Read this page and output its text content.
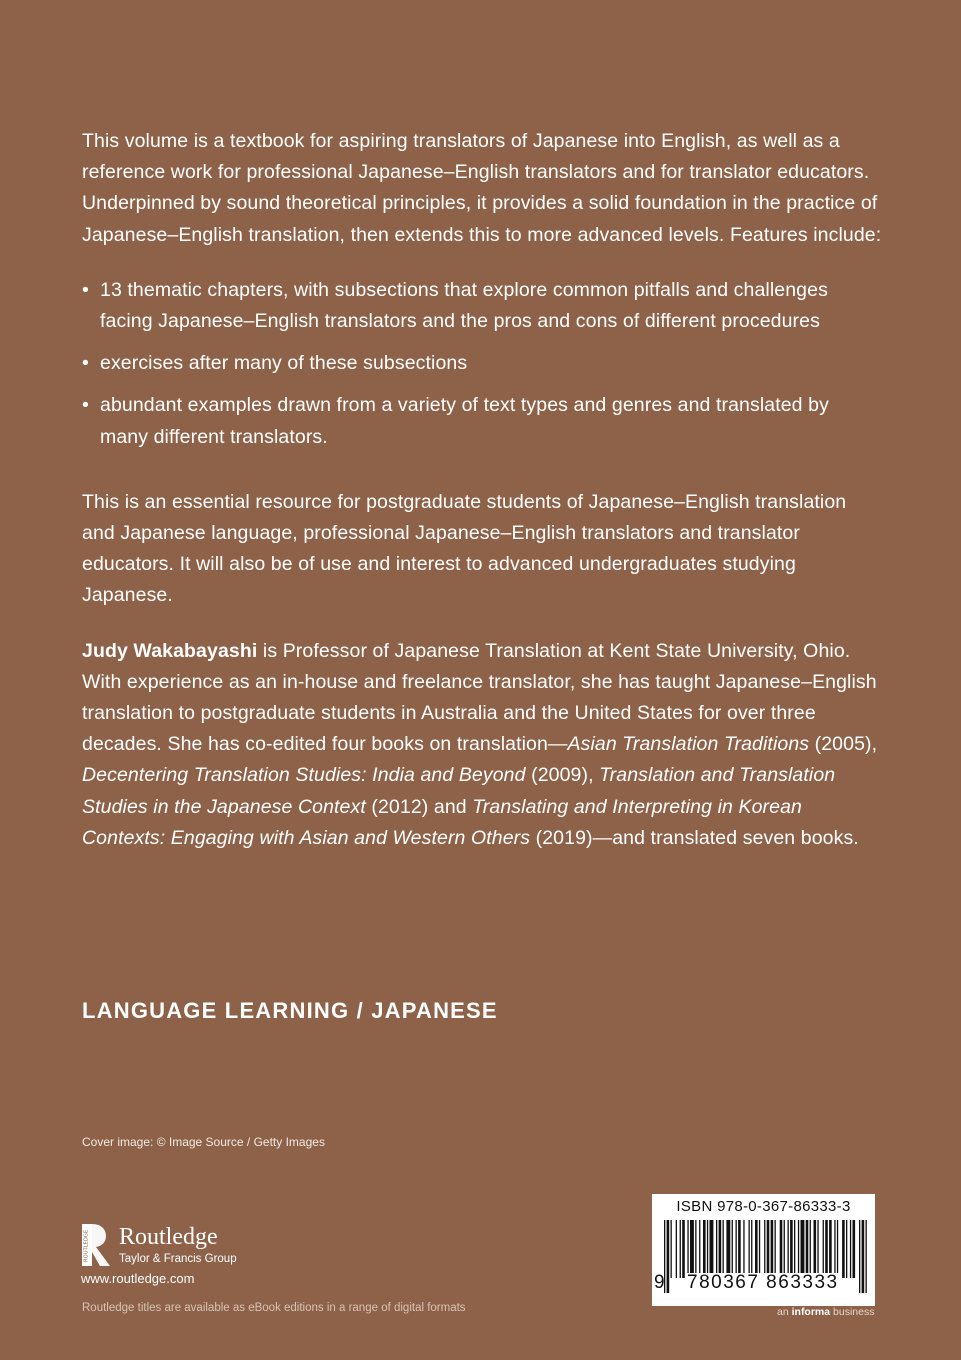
This volume is a textbook for aspiring translators of Japanese into English, as well as a reference work for professional Japanese–English translators and for translator educators. Underpinned by sound theoretical principles, it provides a solid foundation in the practice of Japanese–English translation, then extends this to more advanced levels. Features include:

• 13 thematic chapters, with subsections that explore common pitfalls and challenges facing Japanese–English translators and the pros and cons of different procedures
• exercises after many of these subsections
• abundant examples drawn from a variety of text types and genres and translated by many different translators.

This is an essential resource for postgraduate students of Japanese–English translation and Japanese language, professional Japanese–English translators and translator educators. It will also be of use and interest to advanced undergraduates studying Japanese.

Judy Wakabayashi is Professor of Japanese Translation at Kent State University, Ohio. With experience as an in-house and freelance translator, she has taught Japanese–English translation to postgraduate students in Australia and the United States for over three decades. She has co-edited four books on translation—Asian Translation Traditions (2005), Decentering Translation Studies: India and Beyond (2009), Translation and Translation Studies in the Japanese Context (2012) and Translating and Interpreting in Korean Contexts: Engaging with Asian and Western Others (2019)—and translated seven books.

LANGUAGE LEARNING / JAPANESE
Cover image: © Image Source / Getty Images
ROUTLEDGE Routledge
Taylor & Francis Group
www.routledge.com
Routledge titles are available as eBook editions in a range of digital formats
ISBN 978-0-367-86333-3
9 780367 863333
an informa business
